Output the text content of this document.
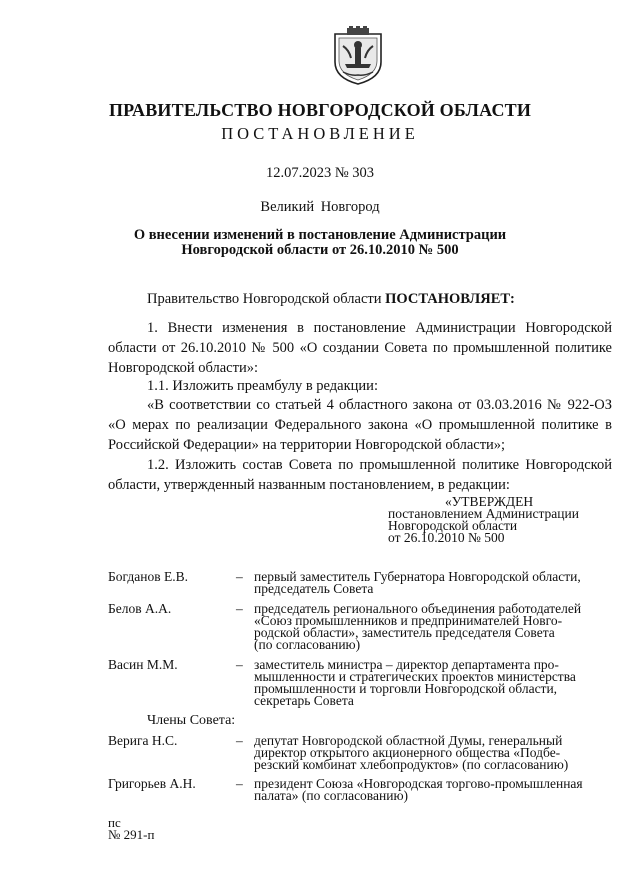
ПРАВИТЕЛЬСТВО НОВГОРОДСКОЙ ОБЛАСТИ
ПОСТАНОВЛЕНИЕ
12.07.2023 № 303
Великий Новгород
О внесении изменений в постановление Администрации
Новгородской области от 26.10.2010 № 500
Правительство Новгородской области ПОСТАНОВЛЯЕТ:
1. Внести изменения в постановление Администрации Новгородской
области от 26.10.2010 № 500 «О создании Совета по промышленной политике
Новгородской области»:
1.1. Изложить преамбулу в редакции:
«В соответствии со статьей 4 областного закона от 03.03.2016 № 922-ОЗ
«О мерах по реализации Федерального закона «О промышленной политике в
Российской Федерации» на территории Новгородской области»;
1.2. Изложить состав Совета по промышленной политике Новгородской
области, утвержденный названным постановлением, в редакции:
«УТВЕРЖДЕН
постановлением Администрации
Новгородской области
от 26.10.2010 № 500
Богданов Е.В.	– первый заместитель Губернатора Новгородской области,
председатель Совета
Белов А.А.	– председатель регионального объединения работодателей
«Союз промышленников и предпринимателей Новго-
родской области», заместитель председателя Совета
(по согласованию)
Васин М.М.	– заместитель министра – директор департамента про-
мышленности и стратегических проектов министерства
промышленности и торговли Новгородской области,
секретарь Совета
Члены Совета:
Верига Н.С.	– депутат Новгородской областной Думы, генеральный
директор открытого акционерного общества «Подбе-
резский комбинат хлебопродуктов» (по согласованию)
Григорьев А.Н.	– президент Союза «Новгородская торгово-промышленная
палата» (по согласованию)
пс
№ 291-п
